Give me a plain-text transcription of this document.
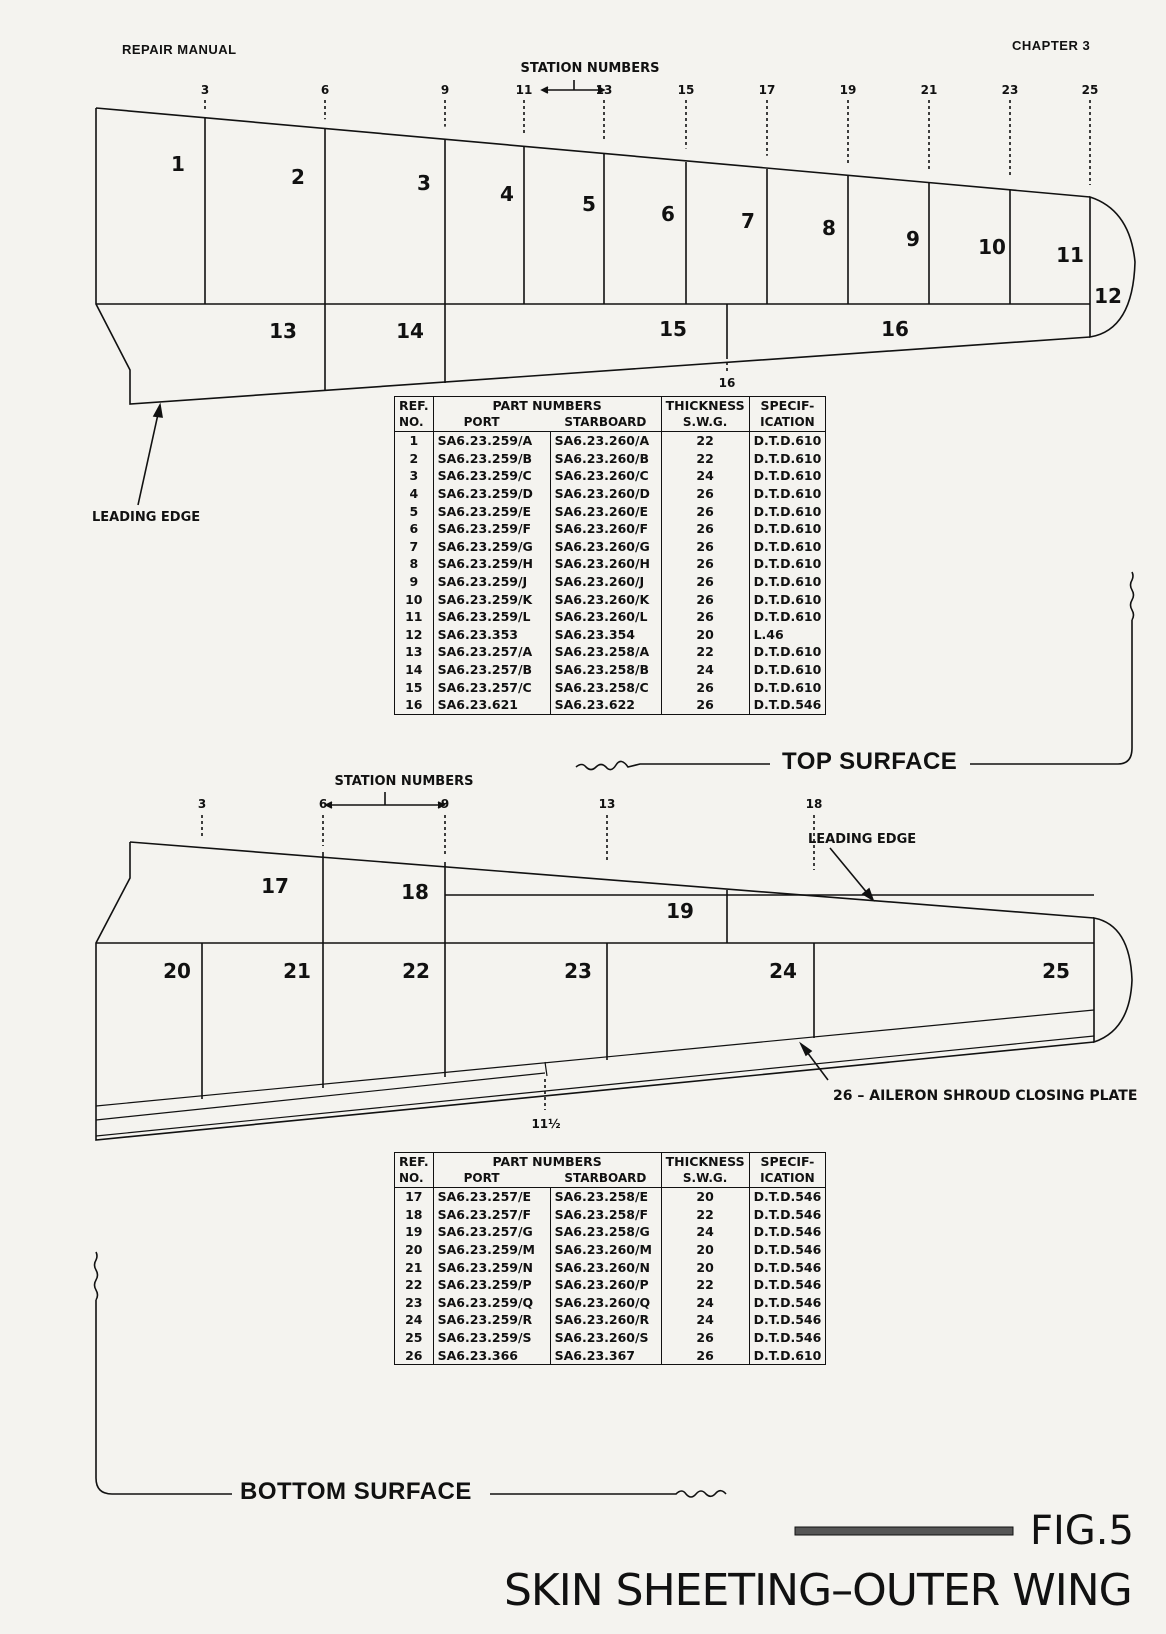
REPAIR MANUAL	CHAPTER 3
STATION NUMBERS
3	6	9	11	13	15	17	19	21	23	25
16
1
2	3	4	5	6	7	8	9	10	11
12
13	14	15	16
LEADING EDGE
STATION NUMBERS
3	6	9	13	18
11½
17	18
19
20	21	22	23	24	25
LEADING EDGE
26 – AILERON SHROUD CLOSING PLATE
REF.	PART NUMBERS		THICKNESS	SPECIF-
NO.	PORT	STARBOARD	S.W.G.	ICATION
1	SA6.23.259/A	SA6.23.260/A	22	D.T.D.610
2	SA6.23.259/B	SA6.23.260/B	22	D.T.D.610
3	SA6.23.259/C	SA6.23.260/C	24	D.T.D.610
4	SA6.23.259/D	SA6.23.260/D	26	D.T.D.610
5	SA6.23.259/E	SA6.23.260/E	26	D.T.D.610
6	SA6.23.259/F	SA6.23.260/F	26	D.T.D.610
7	SA6.23.259/G	SA6.23.260/G	26	D.T.D.610
8	SA6.23.259/H	SA6.23.260/H	26	D.T.D.610
9	SA6.23.259/J	SA6.23.260/J	26	D.T.D.610
10	SA6.23.259/K	SA6.23.260/K	26	D.T.D.610
11	SA6.23.259/L	SA6.23.260/L	26	D.T.D.610
12	SA6.23.353	SA6.23.354	20	L.46
13	SA6.23.257/A	SA6.23.258/A	22	D.T.D.610
14	SA6.23.257/B	SA6.23.258/B	24	D.T.D.610
15	SA6.23.257/C	SA6.23.258/C	26	D.T.D.610
16	SA6.23.621	SA6.23.622	26	D.T.D.546
REF.	PART NUMBERS		THICKNESS	SPECIF-
NO.	PORT	STARBOARD	S.W.G.	ICATION
17	SA6.23.257/E	SA6.23.258/E	20	D.T.D.546
18	SA6.23.257/F	SA6.23.258/F	22	D.T.D.546
19	SA6.23.257/G	SA6.23.258/G	24	D.T.D.546
20	SA6.23.259/M	SA6.23.260/M	20	D.T.D.546
21	SA6.23.259/N	SA6.23.260/N	20	D.T.D.546
22	SA6.23.259/P	SA6.23.260/P	22	D.T.D.546
23	SA6.23.259/Q	SA6.23.260/Q	24	D.T.D.546
24	SA6.23.259/R	SA6.23.260/R	24	D.T.D.546
25	SA6.23.259/S	SA6.23.260/S	26	D.T.D.546
26	SA6.23.366	SA6.23.367	26	D.T.D.610
TOP SURFACE
BOTTOM SURFACE
FIG.5
SKIN SHEETING–OUTER WING
